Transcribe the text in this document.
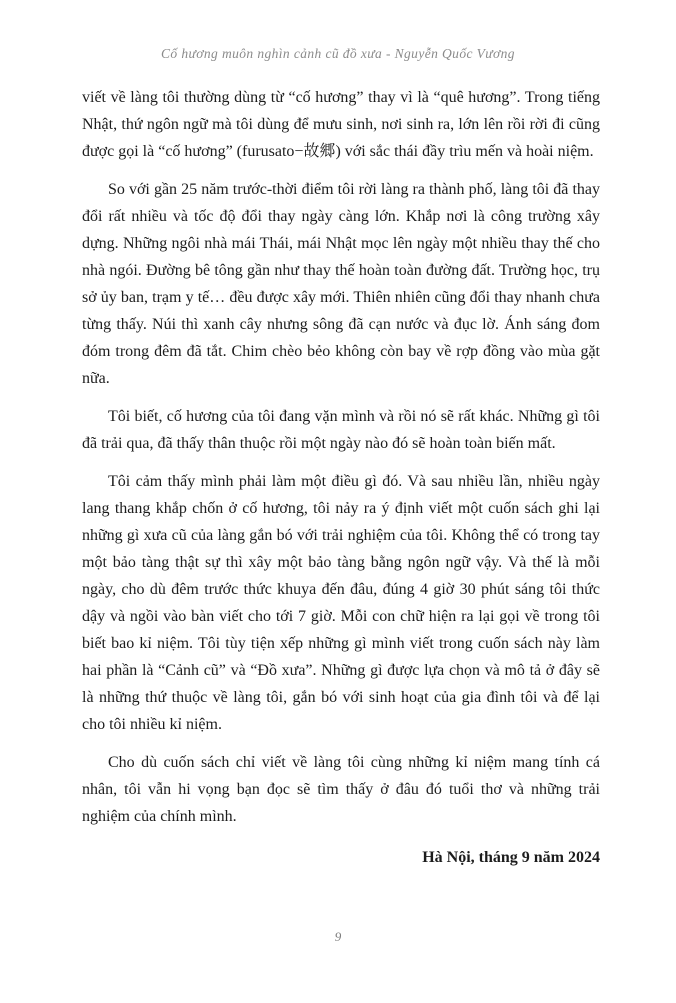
Cố hương muôn nghìn cảnh cũ đồ xưa - Nguyễn Quốc Vương

viết về làng tôi thường dùng từ “cố hương” thay vì là “quê hương”. Trong tiếng Nhật, thứ ngôn ngữ mà tôi dùng để mưu sinh, nơi sinh ra, lớn lên rồi rời đi cũng được gọi là “cố hương” (furusato−故郷) với sắc thái đầy trìu mến và hoài niệm.

So với gần 25 năm trước-thời điểm tôi rời làng ra thành phố, làng tôi đã thay đổi rất nhiều và tốc độ đổi thay ngày càng lớn. Khắp nơi là công trường xây dựng. Những ngôi nhà mái Thái, mái Nhật mọc lên ngày một nhiều thay thế cho nhà ngói. Đường bê tông gần như thay thế hoàn toàn đường đất. Trường học, trụ sở ủy ban, trạm y tế… đều được xây mới. Thiên nhiên cũng đổi thay nhanh chưa từng thấy. Núi thì xanh cây nhưng sông đã cạn nước và đục lờ. Ánh sáng đom đóm trong đêm đã tắt. Chim chèo bẻo không còn bay về rợp đồng vào mùa gặt nữa.

Tôi biết, cố hương của tôi đang vặn mình và rồi nó sẽ rất khác. Những gì tôi đã trải qua, đã thấy thân thuộc rồi một ngày nào đó sẽ hoàn toàn biến mất.

Tôi cảm thấy mình phải làm một điều gì đó. Và sau nhiều lần, nhiều ngày lang thang khắp chốn ở cố hương, tôi nảy ra ý định viết một cuốn sách ghi lại những gì xưa cũ của làng gắn bó với trải nghiệm của tôi. Không thể có trong tay một bảo tàng thật sự thì xây một bảo tàng bằng ngôn ngữ vậy. Và thế là mỗi ngày, cho dù đêm trước thức khuya đến đâu, đúng 4 giờ 30 phút sáng tôi thức dậy và ngồi vào bàn viết cho tới 7 giờ. Mỗi con chữ hiện ra lại gọi về trong tôi biết bao kỉ niệm. Tôi tùy tiện xếp những gì mình viết trong cuốn sách này làm hai phần là “Cảnh cũ” và “Đồ xưa”. Những gì được lựa chọn và mô tả ở đây sẽ là những thứ thuộc về làng tôi, gắn bó với sinh hoạt của gia đình tôi và để lại cho tôi nhiều kỉ niệm.

Cho dù cuốn sách chỉ viết về làng tôi cùng những kỉ niệm mang tính cá nhân, tôi vẫn hi vọng bạn đọc sẽ tìm thấy ở đâu đó tuổi thơ và những trải nghiệm của chính mình.

Hà Nội, tháng 9 năm 2024
9
